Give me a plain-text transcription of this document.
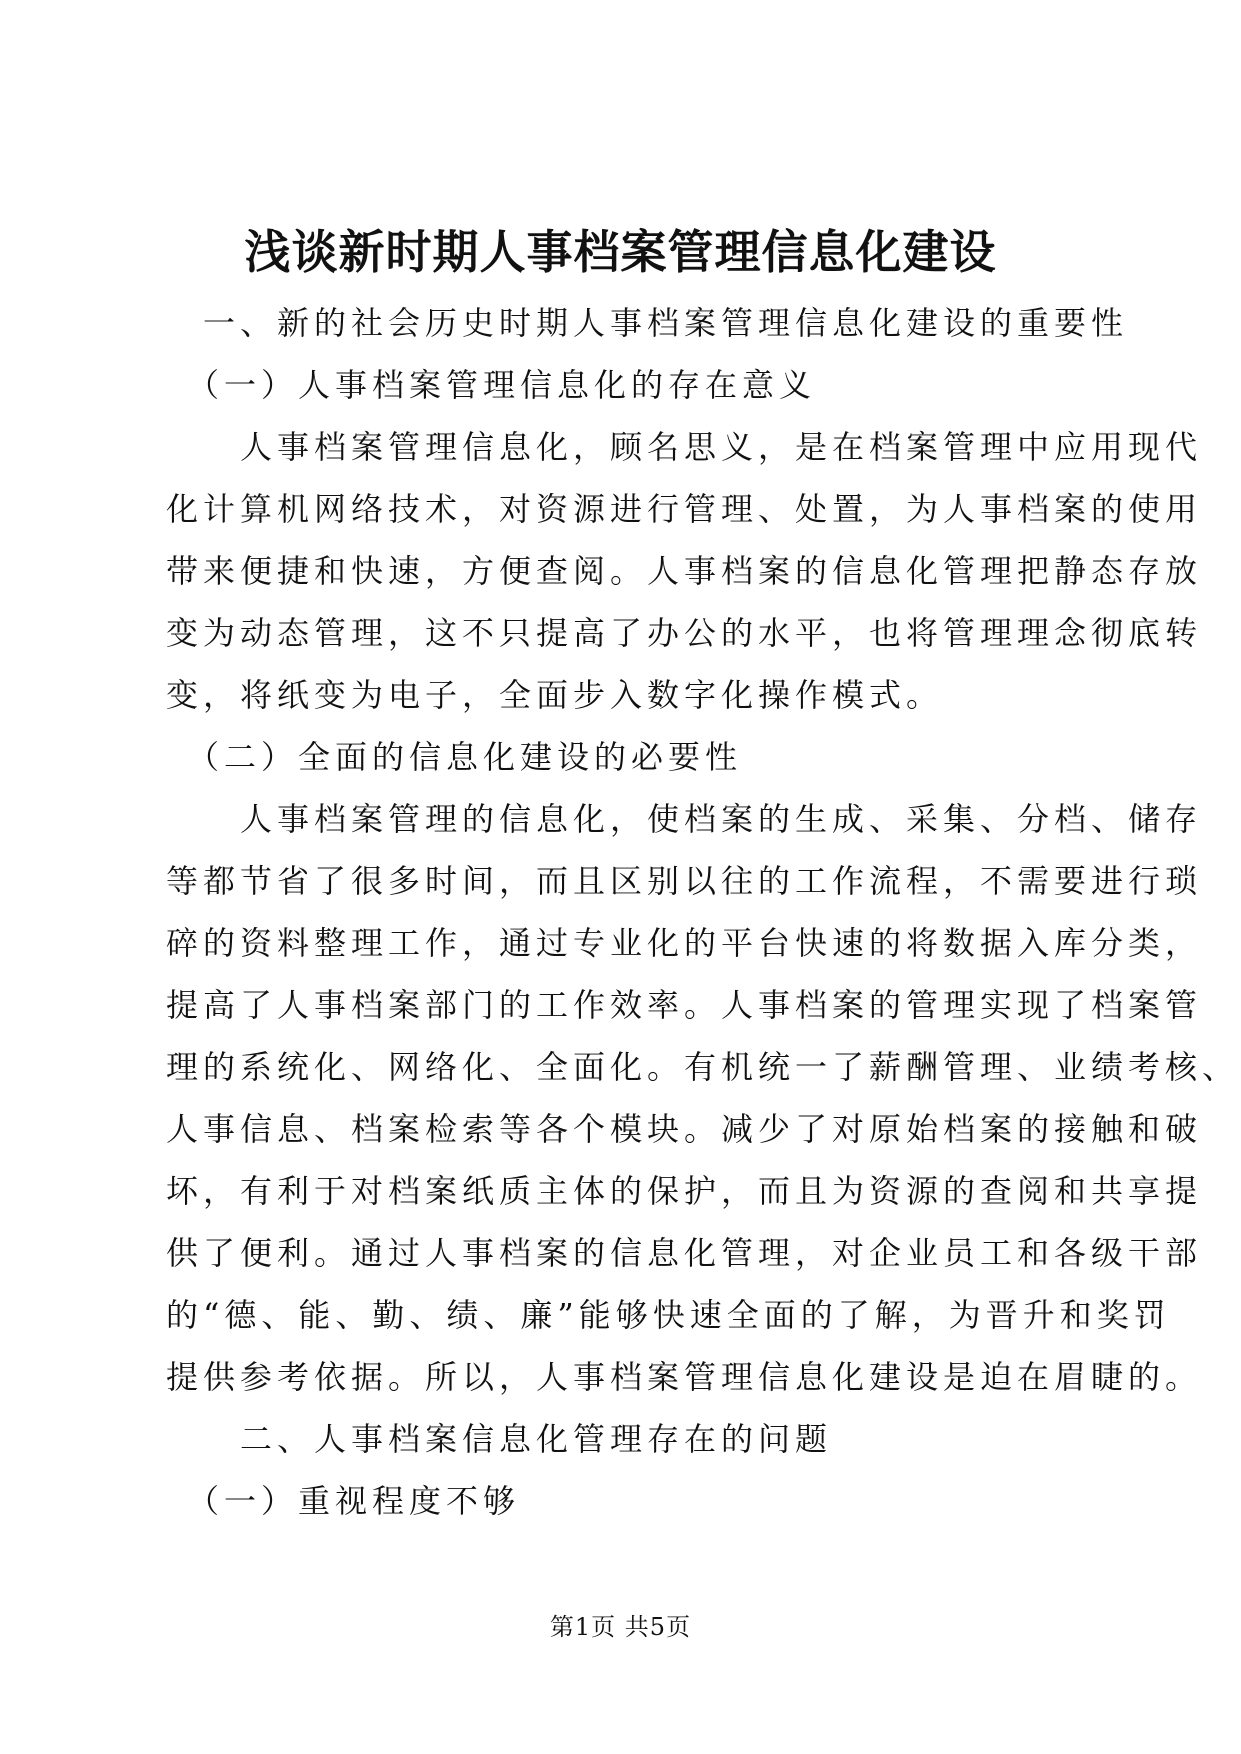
浅谈新时期人事档案管理信息化建设
　一、新的社会历史时期人事档案管理信息化建设的重要性
　（一）人事档案管理信息化的存在意义
　　人事档案管理信息化，顾名思义，是在档案管理中应用现代
化计算机网络技术，对资源进行管理、处置，为人事档案的使用
带来便捷和快速，方便查阅。人事档案的信息化管理把静态存放
变为动态管理，这不只提高了办公的水平，也将管理理念彻底转
变，将纸变为电子，全面步入数字化操作模式。
　（二）全面的信息化建设的必要性
　　人事档案管理的信息化，使档案的生成、采集、分档、储存
等都节省了很多时间，而且区别以往的工作流程，不需要进行琐
碎的资料整理工作，通过专业化的平台快速的将数据入库分类，
提高了人事档案部门的工作效率。人事档案的管理实现了档案管
理的系统化、网络化、全面化。有机统一了薪酬管理、业绩考核、
人事信息、档案检索等各个模块。减少了对原始档案的接触和破
坏，有利于对档案纸质主体的保护，而且为资源的查阅和共享提
供了便利。通过人事档案的信息化管理，对企业员工和各级干部
的“德、能、勤、绩、廉”能够快速全面的了解，为晋升和奖罚
提供参考依据。所以，人事档案管理信息化建设是迫在眉睫的。
　　二、人事档案信息化管理存在的问题
　（一）重视程度不够
第1页 共5页
